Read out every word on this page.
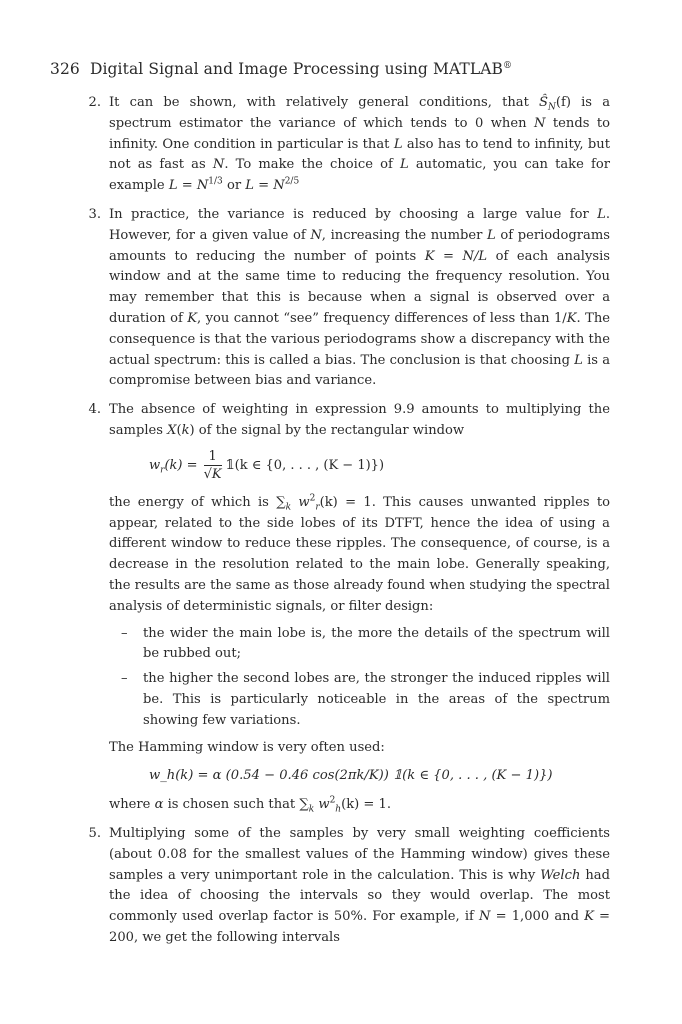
326 Digital Signal and Image Processing using MATLAB®
2. It can be shown, with relatively general conditions, that $Ŝ_N(f)$ is a spectrum estimator the variance of which tends to 0 when N tends to infinity. One condition in particular is that L also has to tend to infinity, but not as fast as N. To make the choice of L automatic, you can take for example $L = N^{1/3}$ or $L = N^{2/5}$

3. In practice, the variance is reduced by choosing a large value for L. However, for a given value of N, increasing the number L of periodograms amounts to reducing the number of points K = N/L of each analysis window and at the same time to reducing the frequency resolution. You may remember that this is because when a signal is observed over a duration of K, you cannot “see” frequency differences of less than 1/K. The consequence is that the various periodograms show a discrepancy with the actual spectrum: this is called a bias. The conclusion is that choosing L is a compromise between bias and variance.

4. The absence of weighting in expression 9.9 amounts to multiplying the samples X(k) of the signal by the rectangular window

$w_r(k) = \frac{1}{√K}$ 𝟙(k ∈ {0, . . . , (K − 1)})

the energy of which is $\sum_k$ $w^2_r(k) = 1$. This causes unwanted ripples to appear, related to the side lobes of its DTFT, hence the idea of using a different window to reduce these ripples. The consequence, of course, is a decrease in the resolution related to the main lobe. Generally speaking, the results are the same as those already found when studying the spectral analysis of deterministic signals, or filter design:

– the wider the main lobe is, the more the details of the spectrum will be rubbed out;
– the higher the second lobes are, the stronger the induced ripples will be. This is particularly noticeable in the areas of the spectrum showing few variations.

The Hamming window is very often used:

w_h(k) = α (0.54 − 0.46 cos(2πk/K)) 𝟙(k ∈ {0, . . . , (K − 1)})

where α is chosen such that $\sum_k$ $w^2_h(k) = 1$.

5. Multiplying some of the samples by very small weighting coefficients (about 0.08 for the smallest values of the Hamming window) gives these samples a very unimportant role in the calculation. This is why Welch had the idea of choosing the intervals so they would overlap. The most commonly used overlap factor is 50%. For example, if N = 1,000 and K = 200, we get the following intervals
